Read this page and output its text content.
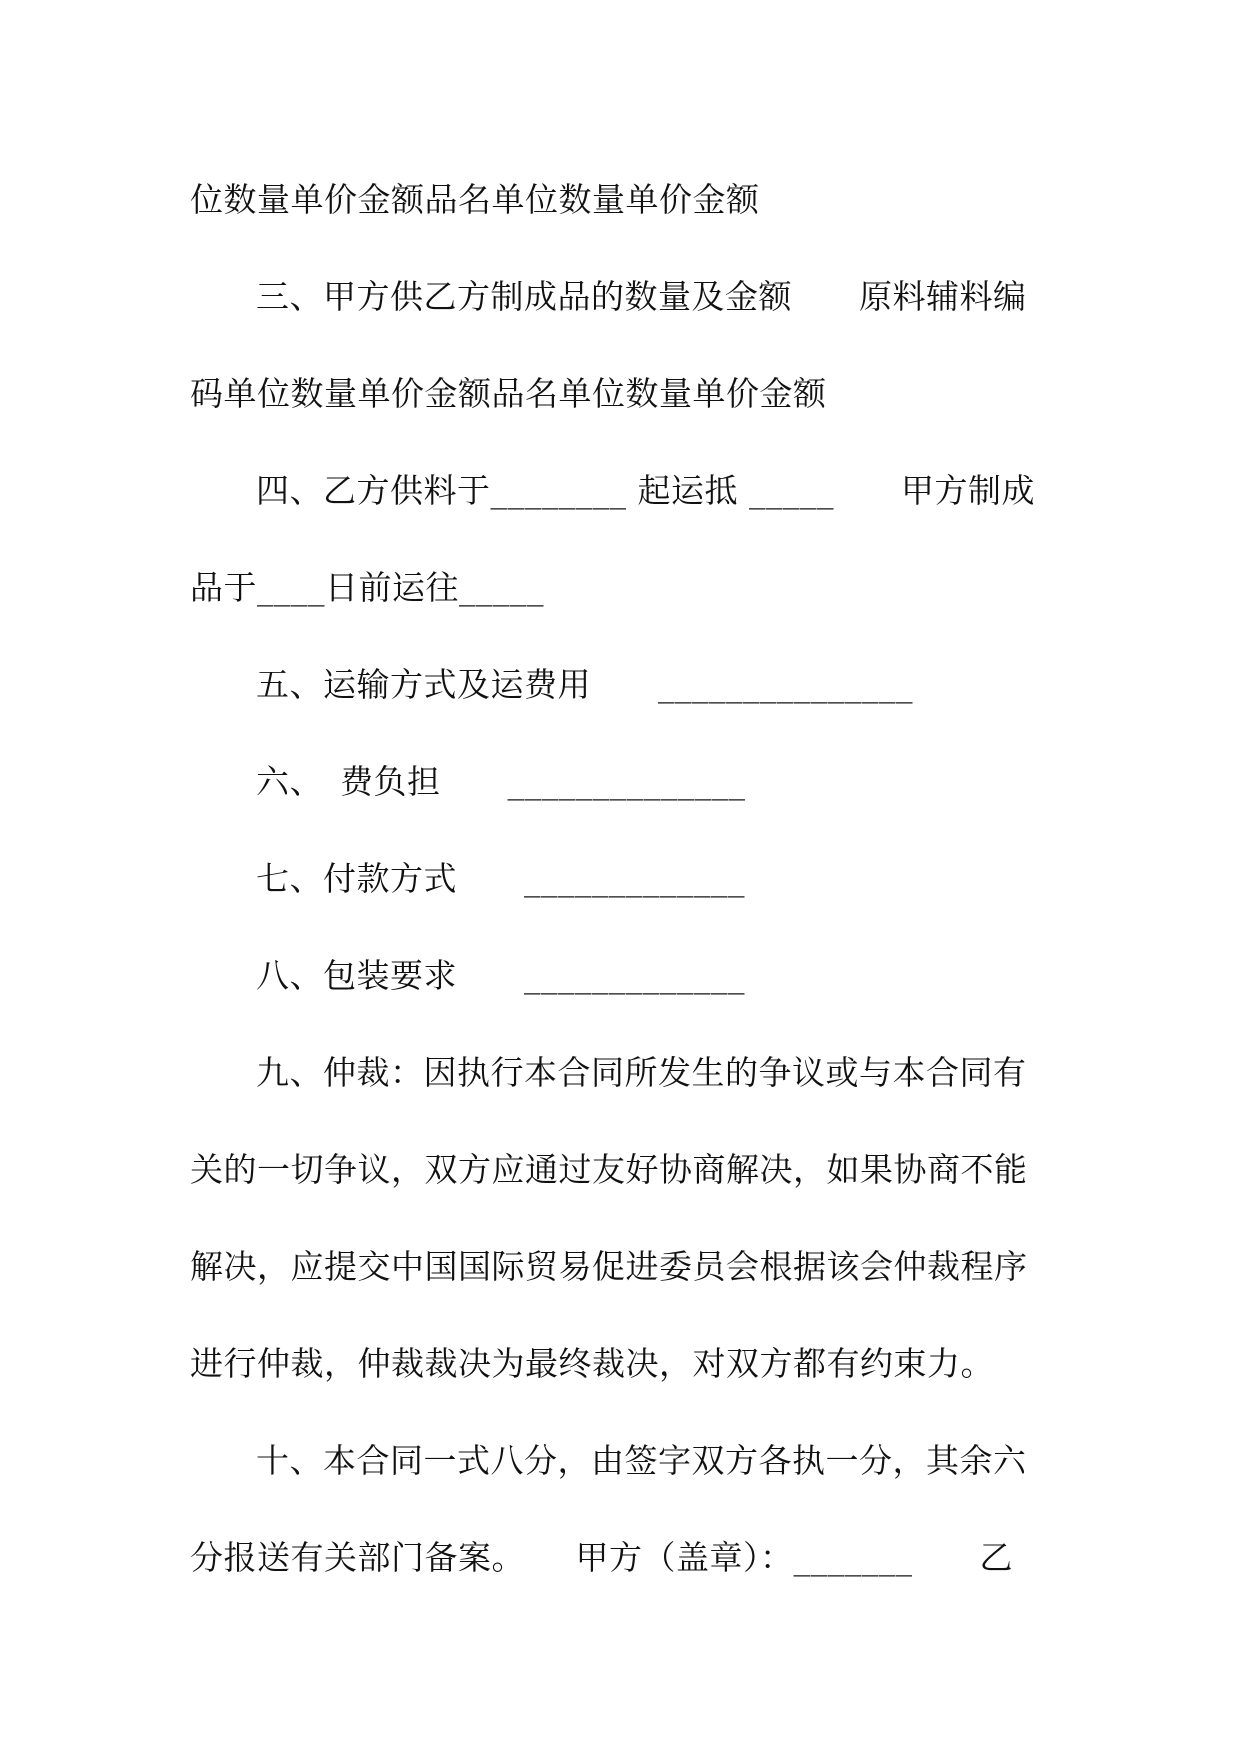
位数量单价金额品名单位数量单价金额
三、甲方供乙方制成品的数量及金额　　原料辅料编
码单位数量单价金额品名单位数量单价金额
四、乙方供料于________ 起运抵 _____　　甲方制成
品于____日前运往_____
五、运输方式及运费用　　_______________
六、　费负担　　______________
七、付款方式　　_____________
八、包装要求　　_____________
九、仲裁：因执行本合同所发生的争议或与本合同有
关的一切争议，双方应通过友好协商解决，如果协商不能
解决，应提交中国国际贸易促进委员会根据该会仲裁程序
进行仲裁，仲裁裁决为最终裁决，对双方都有约束力。
十、本合同一式八分，由签字双方各执一分，其余六
分报送有关部门备案。　　甲方（盖章）：_______　　乙
